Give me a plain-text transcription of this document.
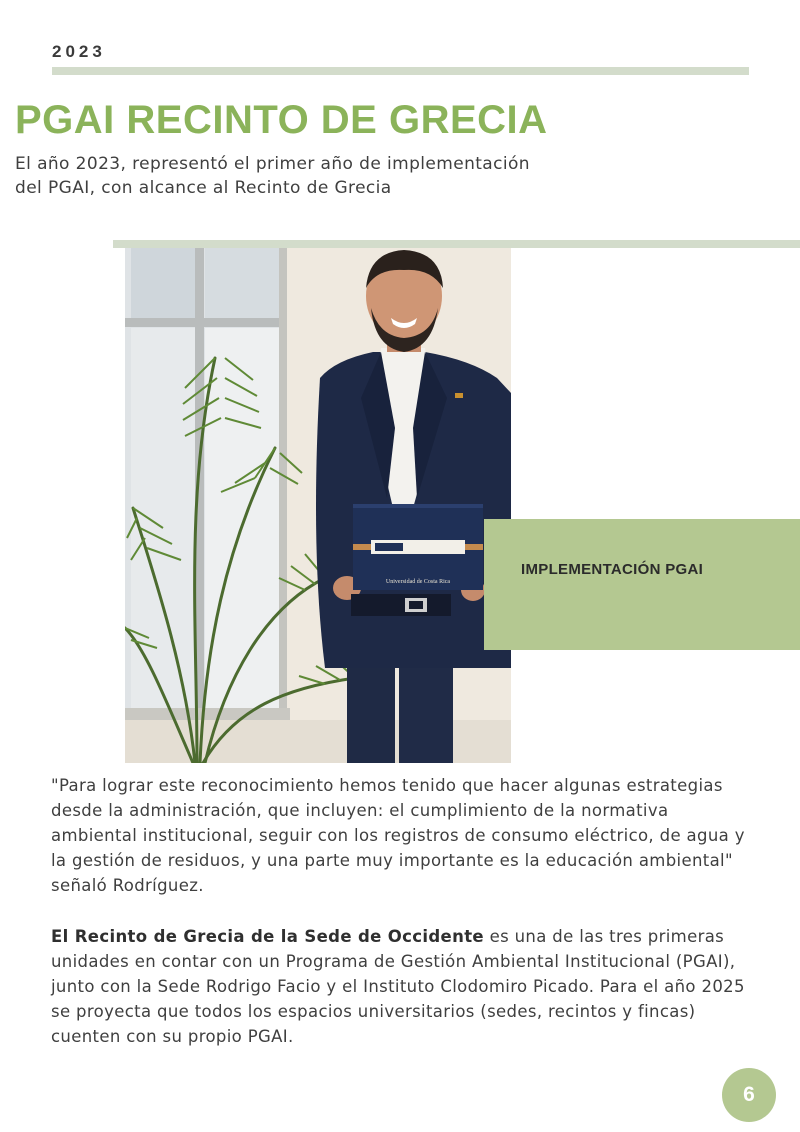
2023
PGAI RECINTO DE GRECIA

El año 2023, representó el primer año de implementación del PGAI, con alcance al Recinto de Grecia

Universidad de Costa Rica
IMPLEMENTACIÓN PGAI

"Para lograr este reconocimiento hemos tenido que hacer algunas estrategias desde la administración, que incluyen: el cumplimiento de la normativa ambiental institucional, seguir con los registros de consumo eléctrico, de agua y la gestión de residuos, y una parte muy importante es la educación ambiental" señaló Rodríguez.

El Recinto de Grecia de la Sede de Occidente es una de las tres primeras unidades en contar con un Programa de Gestión Ambiental Institucional (PGAI), junto con la Sede Rodrigo Facio y el Instituto Clodomiro Picado. Para el año 2025 se proyecta que todos los espacios universitarios (sedes, recintos y fincas) cuenten con su propio PGAI.

6
